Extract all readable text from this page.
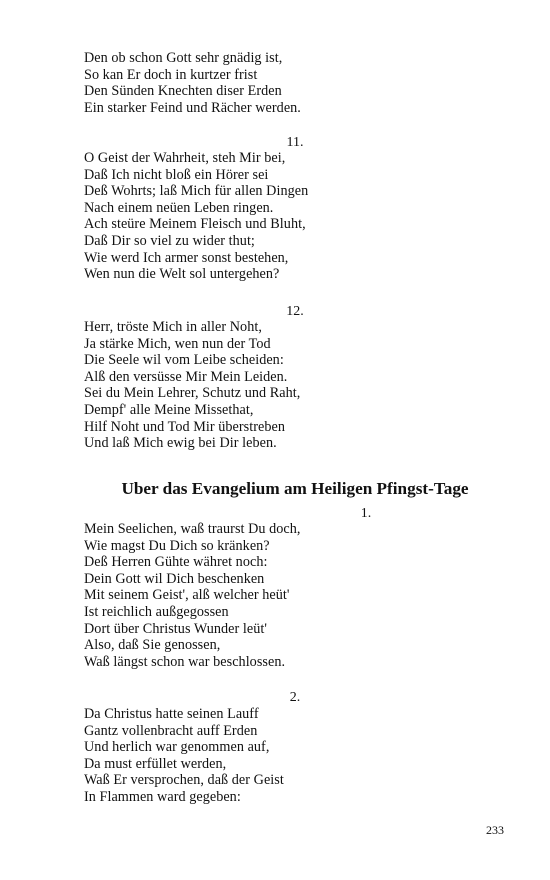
Den ob schon Gott sehr gnädig ist,
So kan Er doch in kurtzer frist
Den Sünden Knechten diser Erden
Ein starker Feind und Rächer werden.
11.
O Geist der Wahrheit, steh Mir bei,
Daß Ich nicht bloß ein Hörer sei
Deß Wohrts; laß Mich für allen Dingen
Nach einem neüen Leben ringen.
Ach steüre Meinem Fleisch und Bluht,
Daß Dir so viel zu wider thut;
Wie werd Ich armer sonst bestehen,
Wen nun die Welt sol untergehen?
12.
Herr, tröste Mich in aller Noht,
Ja stärke Mich, wen nun der Tod
Die Seele wil vom Leibe scheiden:
Alß den versüsse Mir Mein Leiden.
Sei du Mein Lehrer, Schutz und Raht,
Dempf' alle Meine Missethat,
Hilf Noht und Tod Mir überstreben
Und laß Mich ewig bei Dir leben.
Uber das Evangelium am Heiligen Pfingst-Tage
1.
Mein Seelichen, waß traurst Du doch,
Wie magst Du Dich so kränken?
Deß Herren Gühte währet noch:
Dein Gott wil Dich beschenken
Mit seinem Geist', alß welcher heüt'
Ist reichlich außgegossen
Dort über Christus Wunder leüt'
Also, daß Sie genossen,
Waß längst schon war beschlossen.
2.
Da Christus hatte seinen Lauff
Gantz vollenbracht auff Erden
Und herlich war genommen auf,
Da must erfüllet werden,
Waß Er versprochen, daß der Geist
In Flammen ward gegeben:
233
